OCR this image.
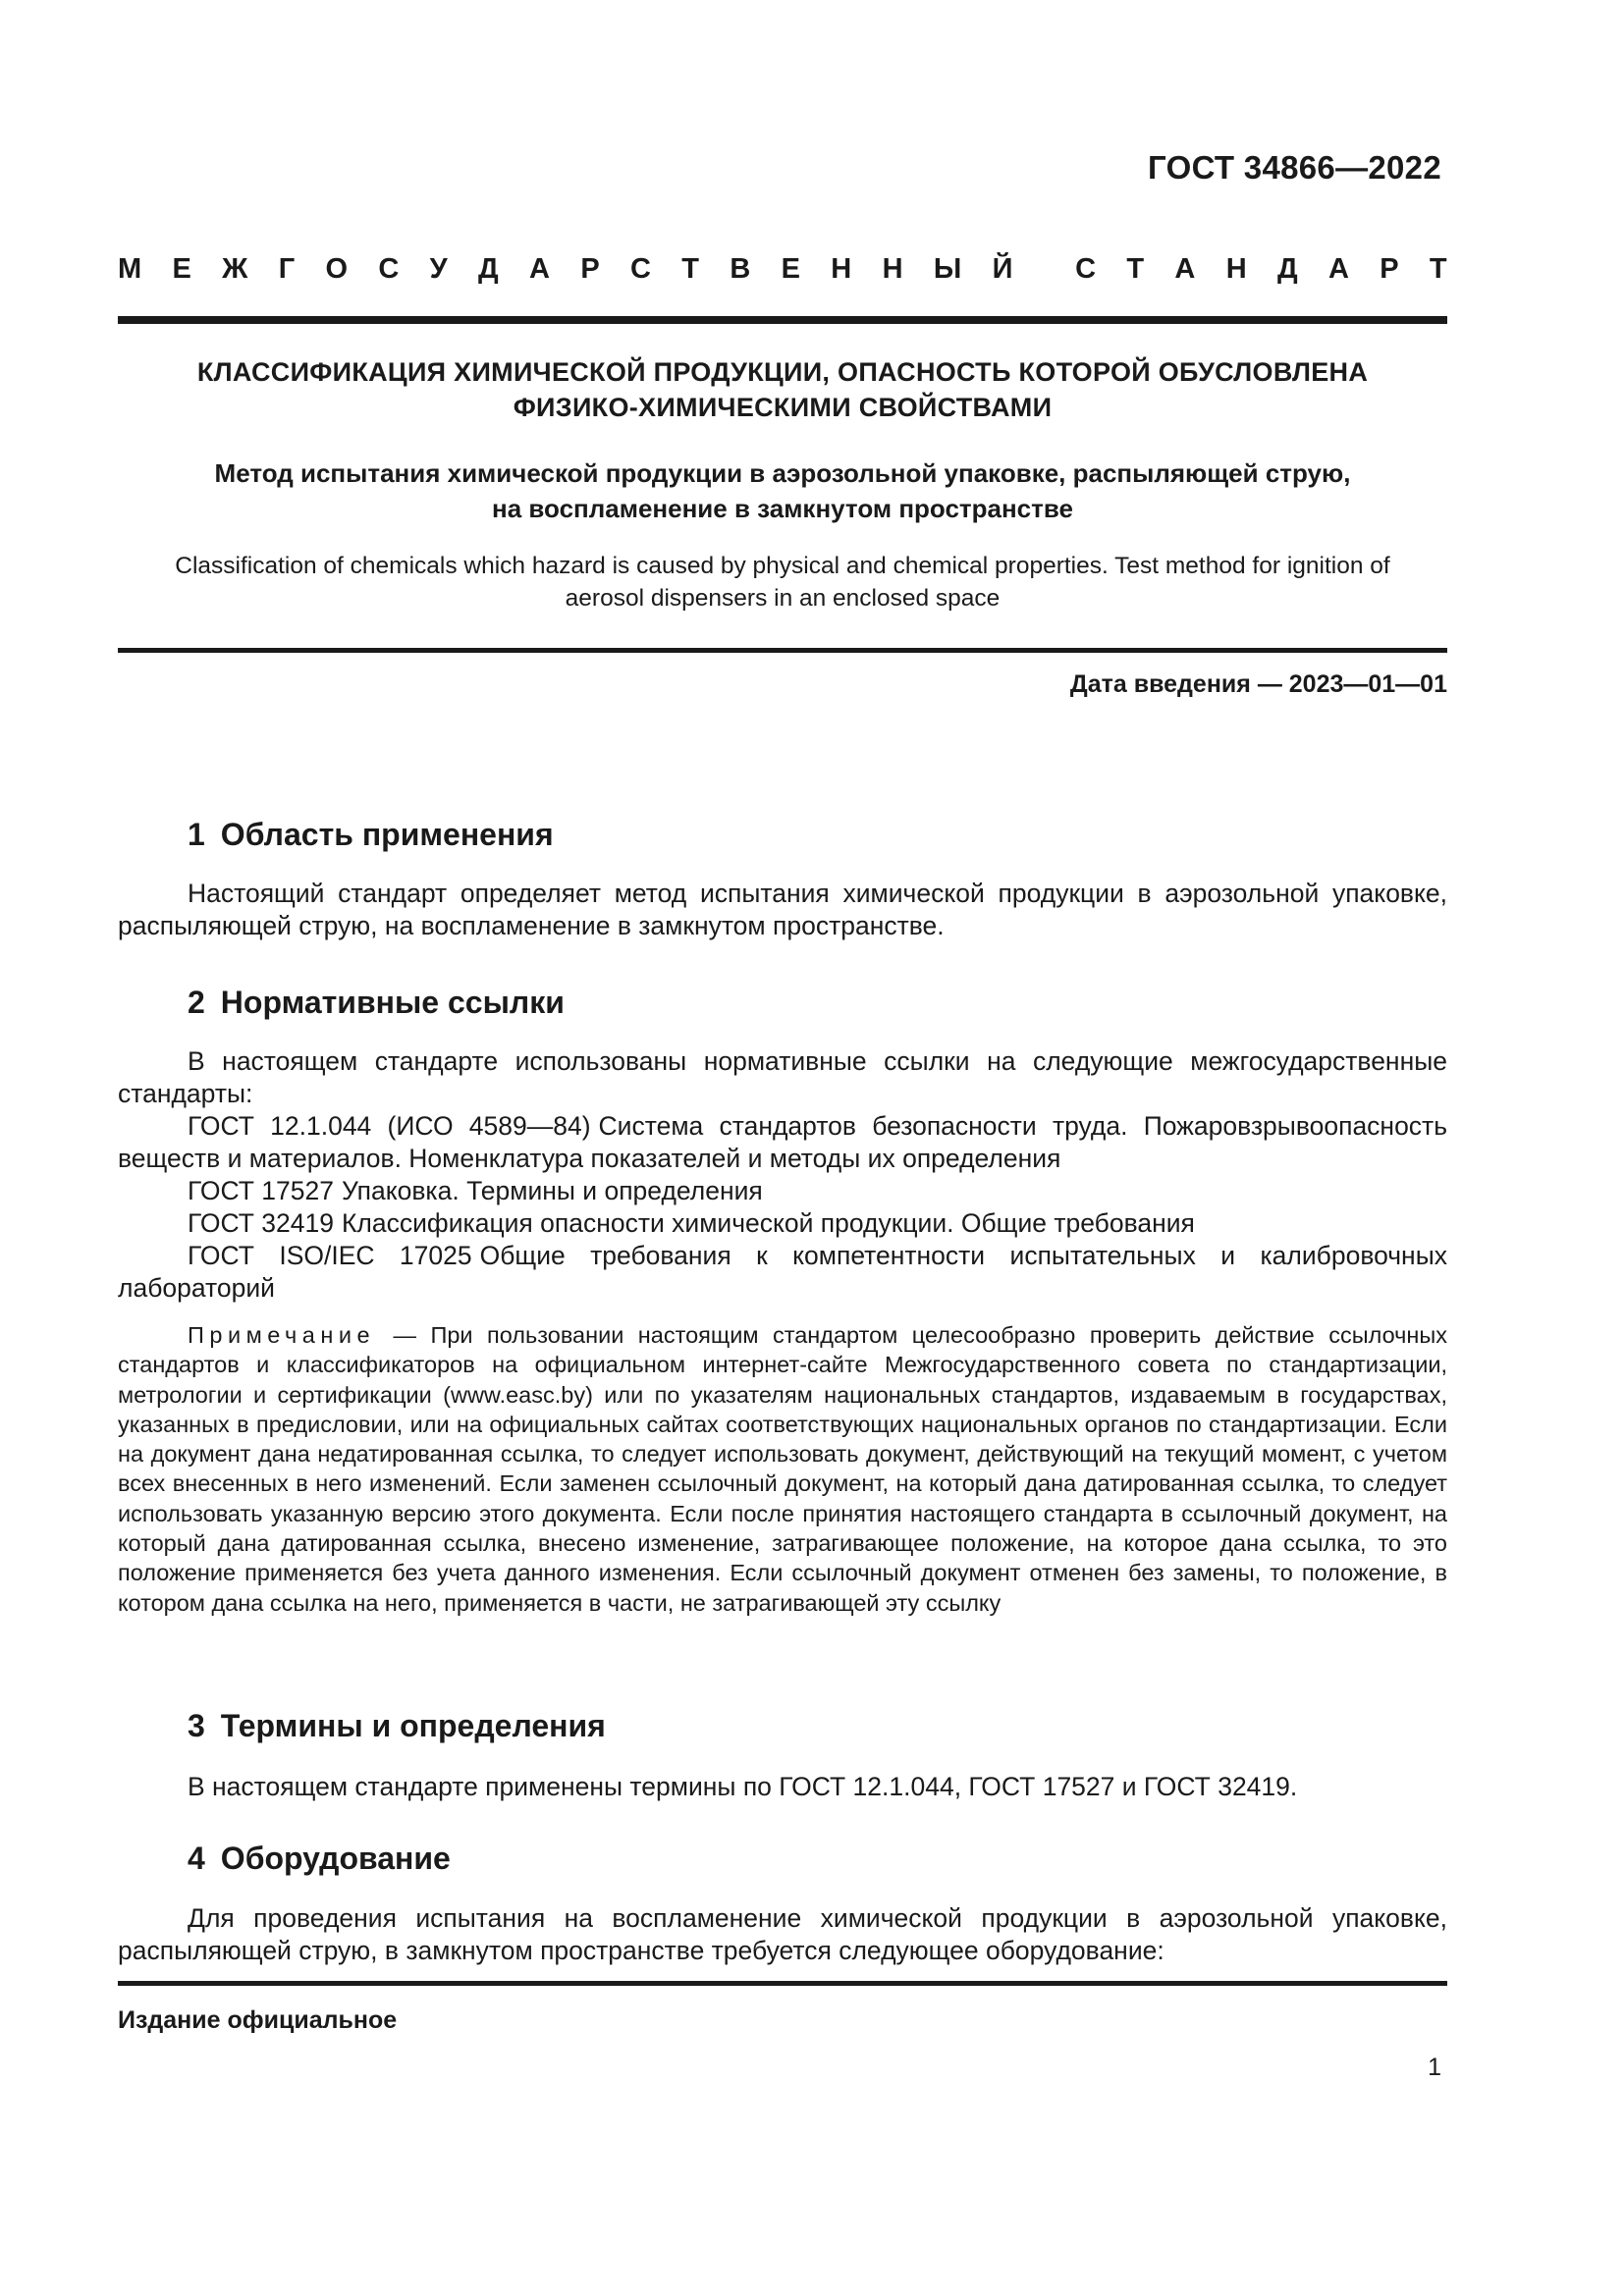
ГОСТ 34866—2022
М Е Ж Г О С У Д А Р С Т В Е Н Н Ы Й С Т А Н Д А Р Т
КЛАССИФИКАЦИЯ ХИМИЧЕСКОЙ ПРОДУКЦИИ, ОПАСНОСТЬ КОТОРОЙ ОБУСЛОВЛЕНА
ФИЗИКО-ХИМИЧЕСКИМИ СВОЙСТВАМИ
Метод испытания химической продукции в аэрозольной упаковке, распыляющей струю,
на воспламенение в замкнутом пространстве
Classification of chemicals which hazard is caused by physical and chemical properties. Test method for ignition of
aerosol dispensers in an enclosed space
Дата введения — 2023—01—01
1 Область применения

Настоящий стандарт определяет метод испытания химической продукции в аэрозольной упаковке, распыляющей струю, на воспламенение в замкнутом пространстве.

2 Нормативные ссылки

В настоящем стандарте использованы нормативные ссылки на следующие межгосударственные стандарты:

ГОСТ 12.1.044 (ИСО 4589—84) Система стандартов безопасности труда. Пожаровзрывоопасность веществ и материалов. Номенклатура показателей и методы их определения

ГОСТ 17527 Упаковка. Термины и определения

ГОСТ 32419 Классификация опасности химической продукции. Общие требования

ГОСТ ISO/IEC 17025 Общие требования к компетентности испытательных и калибровочных лабораторий

Примечание — При пользовании настоящим стандартом целесообразно проверить действие ссылочных стандартов и классификаторов на официальном интернет-сайте Межгосударственного совета по стандартизации, метрологии и сертификации (www.easc.by) или по указателям национальных стандартов, издаваемым в государствах, указанных в предисловии, или на официальных сайтах соответствующих национальных органов по стандартизации. Если на документ дана недатированная ссылка, то следует использовать документ, действующий на текущий момент, с учетом всех внесенных в него изменений. Если заменен ссылочный документ, на который дана датированная ссылка, то следует использовать указанную версию этого документа. Если после принятия настоящего стандарта в ссылочный документ, на который дана датированная ссылка, внесено изменение, затрагивающее положение, на которое дана ссылка, то это положение применяется без учета данного изменения. Если ссылочный документ отменен без замены, то положение, в котором дана ссылка на него, применяется в части, не затрагивающей эту ссылку

3 Термины и определения

В настоящем стандарте применены термины по ГОСТ 12.1.044, ГОСТ 17527 и ГОСТ 32419.

4 Оборудование

Для проведения испытания на воспламенение химической продукции в аэрозольной упаковке, распыляющей струю, в замкнутом пространстве требуется следующее оборудование:

Издание официальное
1
